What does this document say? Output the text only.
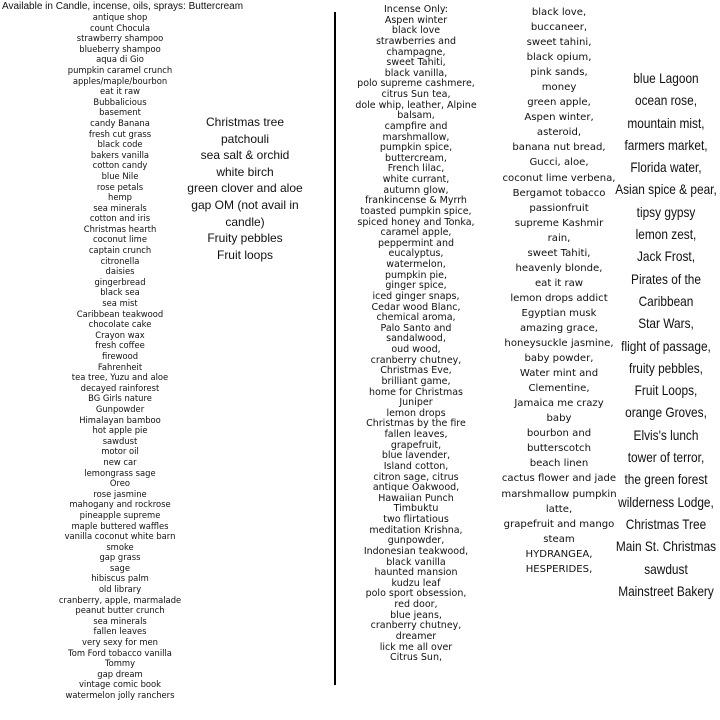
Available in Candle, incense, oils, sprays: Buttercream
antique shop
count Chocula
strawberry shampoo
blueberry shampoo
aqua di Gio
pumpkin caramel crunch
apples/maple/bourbon
eat it raw
Bubbalicious
basement
candy Banana
fresh cut grass
black code
bakers vanilla
cotton candy
blue Nile
rose petals
hemp
sea minerals
cotton and iris
Christmas hearth
coconut lime
captain crunch
citronella
daisies
gingerbread
black sea
sea mist
Caribbean teakwood
chocolate cake
Crayon wax
fresh coffee
firewood
Fahrenheit
tea tree, Yuzu and aloe
decayed rainforest
BG Girls nature
Gunpowder
Himalayan bamboo
hot apple pie
sawdust
motor oil
new car
lemongrass sage
Oreo
rose jasmine
mahogany and rockrose
pineapple supreme
maple buttered waffles
vanilla coconut white barn
smoke
gap grass
sage
hibiscus palm
old library
cranberry, apple, marmalade
peanut butter crunch
sea minerals
fallen leaves
very sexy for men
Tom Ford tobacco vanilla
Tommy
gap dream
vintage comic book
watermelon jolly ranchers
Christmas tree
patchouli
sea salt & orchid
white birch
green clover and aloe
gap OM (not avail in
candle)
Fruity pebbles
Fruit loops
Incense Only:
Aspen winter
black love
strawberries and
champagne,
sweet Tahiti,
black vanilla,
polo supreme cashmere,
citrus Sun tea,
dole whip, leather, Alpine
balsam,
campfire and
marshmallow,
pumpkin spice,
buttercream,
French lilac,
white currant,
autumn glow,
frankincense & Myrrh
toasted pumpkin spice,
spiced honey and Tonka,
caramel apple,
peppermint and
eucalyptus,
watermelon,
pumpkin pie,
ginger spice,
iced ginger snaps,
Cedar wood Blanc,
chemical aroma,
Palo Santo and
sandalwood,
oud wood,
cranberry chutney,
Christmas Eve,
brilliant game,
home for Christmas
Juniper
lemon drops
Christmas by the fire
fallen leaves,
grapefruit,
blue lavender,
Island cotton,
citron sage, citrus
antique Oakwood,
Hawaiian Punch
Timbuktu
two flirtatious
meditation Krishna,
gunpowder,
Indonesian teakwood,
black vanilla
haunted mansion
kudzu leaf
polo sport obsession,
red door,
blue jeans,
cranberry chutney,
dreamer
lick me all over
Citrus Sun,
black love,
buccaneer,
sweet tahini,
black opium,
pink sands,
money
green apple,
Aspen winter,
asteroid,
banana nut bread,
Gucci, aloe,
coconut lime verbena,
Bergamot tobacco
passionfruit
supreme Kashmir
rain,
sweet Tahiti,
heavenly blonde,
eat it raw
lemon drops addict
Egyptian musk
amazing grace,
honeysuckle jasmine,
baby powder,
Water mint and
Clementine,
Jamaica me crazy
baby
bourbon and
butterscotch
beach linen
cactus flower and jade
marshmallow pumpkin
latte,
grapefruit and mango
steam
HYDRANGEA,
HESPERIDES,
blue Lagoon
ocean rose,
mountain mist,
farmers market,
Florida water,
Asian spice & pear,
tipsy gypsy
lemon zest,
Jack Frost,
Pirates of the
Caribbean
Star Wars,
flight of passage,
fruity pebbles,
Fruit Loops,
orange Groves,
Elvis's lunch
tower of terror,
the green forest
wilderness Lodge,
Christmas Tree
Main St. Christmas
sawdust
Mainstreet Bakery
